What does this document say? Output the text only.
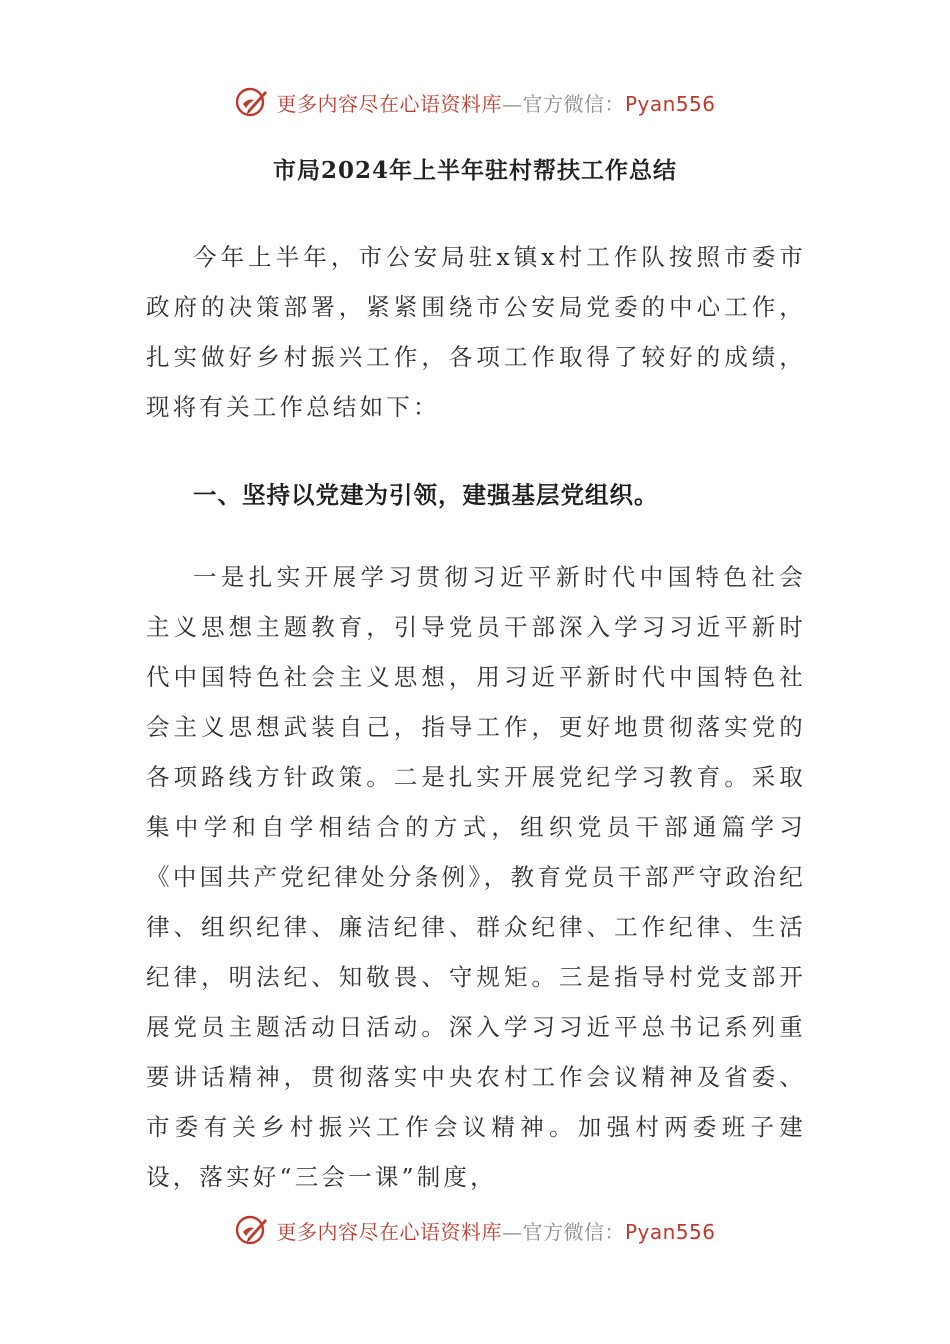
更多内容尽在心语资料库—官方微信：Pyan556
市局2024年上半年驻村帮扶工作总结

今年上半年，市公安局驻x镇x村工作队按照市委市政府的决策部署，紧紧围绕市公安局党委的中心工作，扎实做好乡村振兴工作，各项工作取得了较好的成绩，现将有关工作总结如下：

一、坚持以党建为引领，建强基层党组织。

一是扎实开展学习贯彻习近平新时代中国特色社会主义思想主题教育，引导党员干部深入学习习近平新时代中国特色社会主义思想，用习近平新时代中国特色社会主义思想武装自己，指导工作，更好地贯彻落实党的各项路线方针政策。二是扎实开展党纪学习教育。采取集中学和自学相结合的方式，组织党员干部通篇学习《中国共产党纪律处分条例》，教育党员干部严守政治纪律、组织纪律、廉洁纪律、群众纪律、工作纪律、生活纪律，明法纪、知敬畏、守规矩。三是指导村党支部开展党员主题活动日活动。深入学习习近平总书记系列重要讲话精神，贯彻落实中央农村工作会议精神及省委、市委有关乡村振兴工作会议精神。加强村两委班子建设，落实好“三会一课”制度，

更多内容尽在心语资料库—官方微信：Pyan556
